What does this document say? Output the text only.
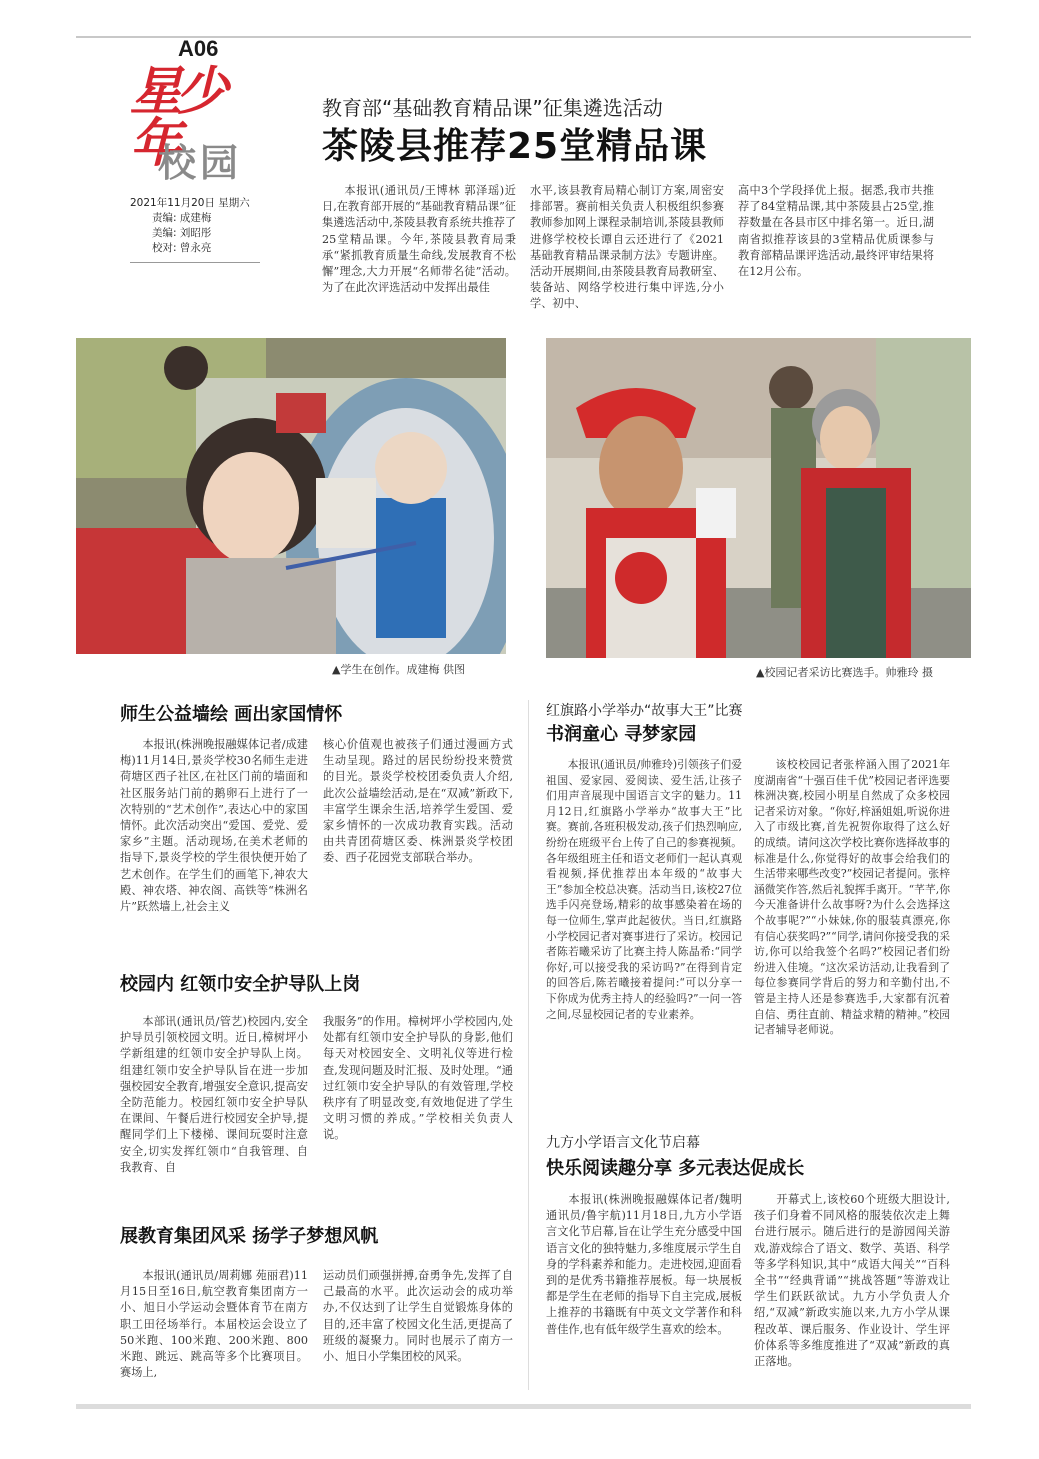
A06
星少年
校园
2021年11月20日 星期六
责编: 成建梅
美编: 刘昭彤
校对: 曾永亮
教育部“基础教育精品课”征集遴选活动
茶陵县推荐25堂精品课

本报讯(通讯员/王博林 郭泽瑶)近日,在教育部开展的“基础教育精品课”征集遴选活动中,茶陵县教育系统共推荐了25堂精品课。今年,茶陵县教育局秉承“紧抓教育质量生命线,发展教育不松懈”理念,大力开展“名师带名徒”活动。为了在此次评选活动中发挥出最佳

水平,该县教育局精心制订方案,周密安排部署。赛前相关负责人积极组织参赛教师参加网上课程录制培训,茶陵县教师进修学校校长谭自云还进行了《2021基础教育精品课录制方法》专题讲座。活动开展期间,由茶陵县教育局教研室、装备站、网络学校进行集中评选,分小学、初中、

高中3个学段择优上报。据悉,我市共推荐了84堂精品课,其中茶陵县占25堂,推荐数量在各县市区中排名第一。近日,湖南省拟推荐该县的3堂精品优质课参与教育部精品课评选活动,最终评审结果将在12月公布。

▲学生在创作。成建梅 供图	▲校园记者采访比赛选手。帅雅玲 摄
师生公益墙绘 画出家国情怀

本报讯(株洲晚报融媒体记者/成建梅)11月14日,景炎学校30名师生走进荷塘区西子社区,在社区门前的墙面和社区服务站门前的鹅卵石上进行了一次特别的“艺术创作”,表达心中的家国情怀。此次活动突出“爱国、爱党、爱家乡”主题。活动现场,在美术老师的指导下,景炎学校的学生很快便开始了艺术创作。在学生们的画笔下,神农大殿、神农塔、神农阁、高铁等“株洲名片”跃然墙上,社会主义

核心价值观也被孩子们通过漫画方式生动呈现。路过的居民纷纷投来赞赏的目光。景炎学校校团委负责人介绍,此次公益墙绘活动,是在“双减”新政下,丰富学生课余生活,培养学生爱国、爱家乡情怀的一次成功教育实践。活动由共青团荷塘区委、株洲景炎学校团委、西子花园党支部联合举办。

校园内 红领巾安全护导队上岗

本部讯(通讯员/管艺)校园内,安全护导员引领校园文明。近日,樟树坪小学新组建的红领巾安全护导队上岗。组建红领巾安全护导队旨在进一步加强校园安全教育,增强安全意识,提高安全防范能力。校园红领巾安全护导队在课间、午餐后进行校园安全护导,提醒同学们上下楼梯、课间玩耍时注意安全,切实发挥红领巾“自我管理、自我教育、自

我服务”的作用。樟树坪小学校园内,处处都有红领巾安全护导队的身影,他们每天对校园安全、文明礼仪等进行检查,发现问题及时汇报、及时处理。“通过红领巾安全护导队的有效管理,学校秩序有了明显改变,有效地促进了学生文明习惯的养成。”学校相关负责人说。

展教育集团风采 扬学子梦想风帆

本报讯(通讯员/周莉娜 苑丽君)11月15日至16日,航空教育集团南方一小、旭日小学运动会暨体育节在南方职工田径场举行。本届校运会设立了50米跑、100米跑、200米跑、800米跑、跳远、跳高等多个比赛项目。赛场上,

运动员们顽强拼搏,奋勇争先,发挥了自己最高的水平。此次运动会的成功举办,不仅达到了让学生自觉锻炼身体的目的,还丰富了校园文化生活,更提高了班级的凝聚力。同时也展示了南方一小、旭日小学集团校的风采。

红旗路小学举办“故事大王”比赛
书润童心 寻梦家园

本报讯(通讯员/帅雅玲)引领孩子们爱祖国、爱家园、爱阅读、爱生活,让孩子们用声音展现中国语言文字的魅力。11月12日,红旗路小学举办“故事大王”比赛。赛前,各班积极发动,孩子们热烈响应,纷纷在班级平台上传了自己的参赛视频。各年级组班主任和语文老师们一起认真观看视频,择优推荐出本年级的“故事大王”参加全校总决赛。活动当日,该校27位选手闪亮登场,精彩的故事感染着在场的每一位师生,掌声此起彼伏。当日,红旗路小学校园记者对赛事进行了采访。校园记者陈若曦采访了比赛主持人陈晶希:“同学你好,可以接受我的采访吗?”在得到肯定的回答后,陈若曦接着提问:“可以分享一下你成为优秀主持人的经验吗?”一问一答之间,尽显校园记者的专业素养。

该校校园记者张梓涵入围了2021年度湖南省“十强百佳千优”校园记者评选要株洲决赛,校园小明星自然成了众多校园记者采访对象。“你好,梓涵姐姐,听说你进入了市级比赛,首先祝贺你取得了这么好的成绩。请问这次学校比赛你选择故事的标准是什么,你觉得好的故事会给我们的生活带来哪些改变?”校园记者提问。张梓涵微笑作答,然后礼貌挥手离开。“芊芊,你今天准备讲什么故事呀?为什么会选择这个故事呢?”“小妹妹,你的服装真漂亮,你有信心获奖吗?”“同学,请问你接受我的采访,你可以给我签个名吗?”校园记者们纷纷进入佳境。“这次采访活动,让我看到了每位参赛同学背后的努力和辛勤付出,不管是主持人还是参赛选手,大家都有沉着自信、勇往直前、精益求精的精神。”校园记者辅导老师说。

九方小学语言文化节启幕
快乐阅读趣分享 多元表达促成长

本报讯(株洲晚报融媒体记者/魏明 通讯员/鲁宇航)11月18日,九方小学语言文化节启幕,旨在让学生充分感受中国语言文化的独特魅力,多维度展示学生自身的学科素养和能力。走进校园,迎面看到的是优秀书籍推荐展板。每一块展板都是学生在老师的指导下自主完成,展板上推荐的书籍既有中英文文学著作和科普佳作,也有低年级学生喜欢的绘本。

开幕式上,该校60个班级大胆设计,孩子们身着不同风格的服装依次走上舞台进行展示。随后进行的是游园闯关游戏,游戏综合了语文、数学、英语、科学等多学科知识,其中“成语大闯关”“百科全书”“经典背诵”“挑战答题”等游戏让学生们跃跃欲试。九方小学负责人介绍,“双减”新政实施以来,九方小学从课程改革、课后服务、作业设计、学生评价体系等多维度推进了“双减”新政的真正落地。
